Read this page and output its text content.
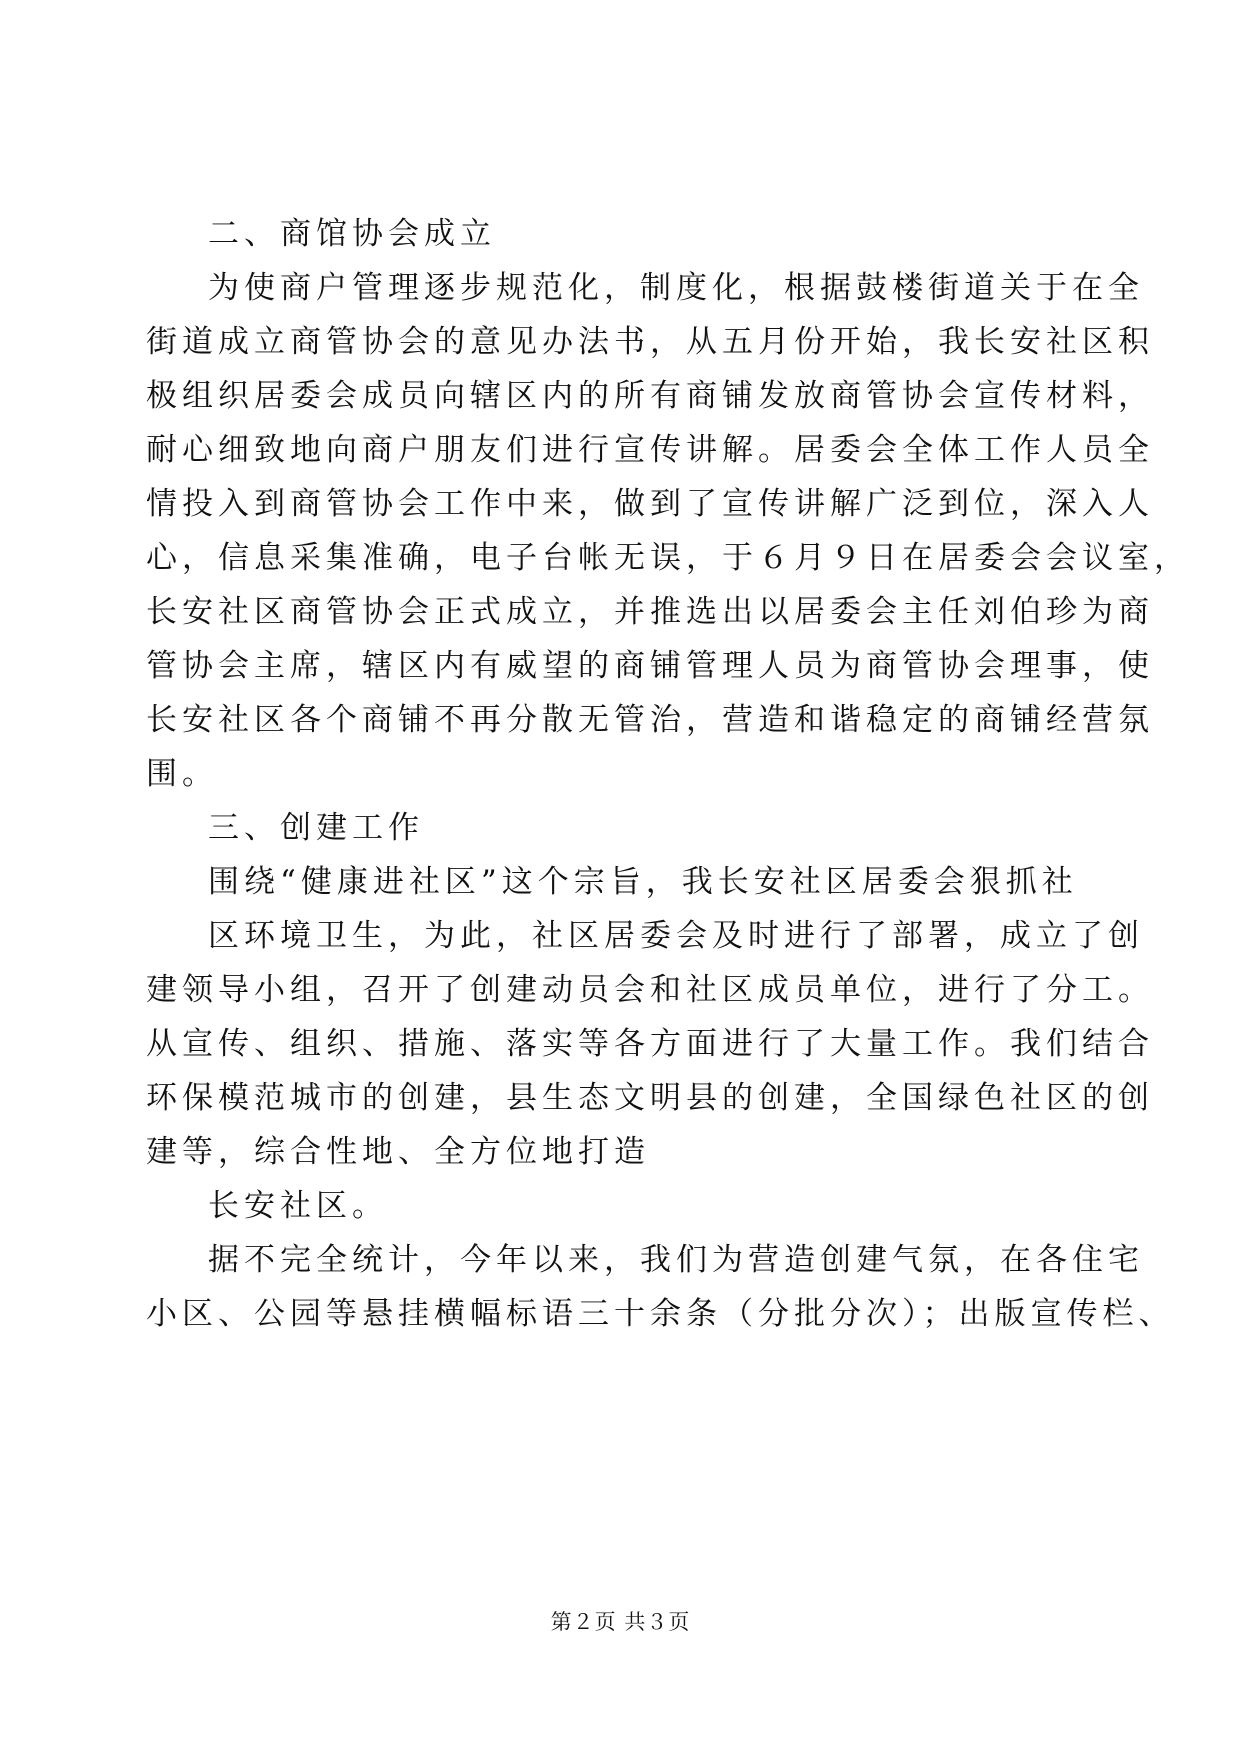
二、商馆协会成立
为使商户管理逐步规范化，制度化，根据鼓楼街道关于在全
街道成立商管协会的意见办法书，从五月份开始，我长安社区积
极组织居委会成员向辖区内的所有商铺发放商管协会宣传材料，
耐心细致地向商户朋友们进行宣传讲解。居委会全体工作人员全
情投入到商管协会工作中来，做到了宣传讲解广泛到位，深入人
心，信息采集准确，电子台帐无误，于６月９日在居委会会议室，
长安社区商管协会正式成立，并推选出以居委会主任刘伯珍为商
管协会主席，辖区内有威望的商铺管理人员为商管协会理事，使
长安社区各个商铺不再分散无管治，营造和谐稳定的商铺经营氛
围。
三、创建工作
围绕“健康进社区”这个宗旨，我长安社区居委会狠抓社
区环境卫生，为此，社区居委会及时进行了部署，成立了创
建领导小组，召开了创建动员会和社区成员单位，进行了分工。
从宣传、组织、措施、落实等各方面进行了大量工作。我们结合
环保模范城市的创建，县生态文明县的创建，全国绿色社区的创
建等，综合性地、全方位地打造
长安社区。
据不完全统计，今年以来，我们为营造创建气氛，在各住宅
小区、公园等悬挂横幅标语三十余条（分批分次）；出版宣传栏、
第２页 共３页
